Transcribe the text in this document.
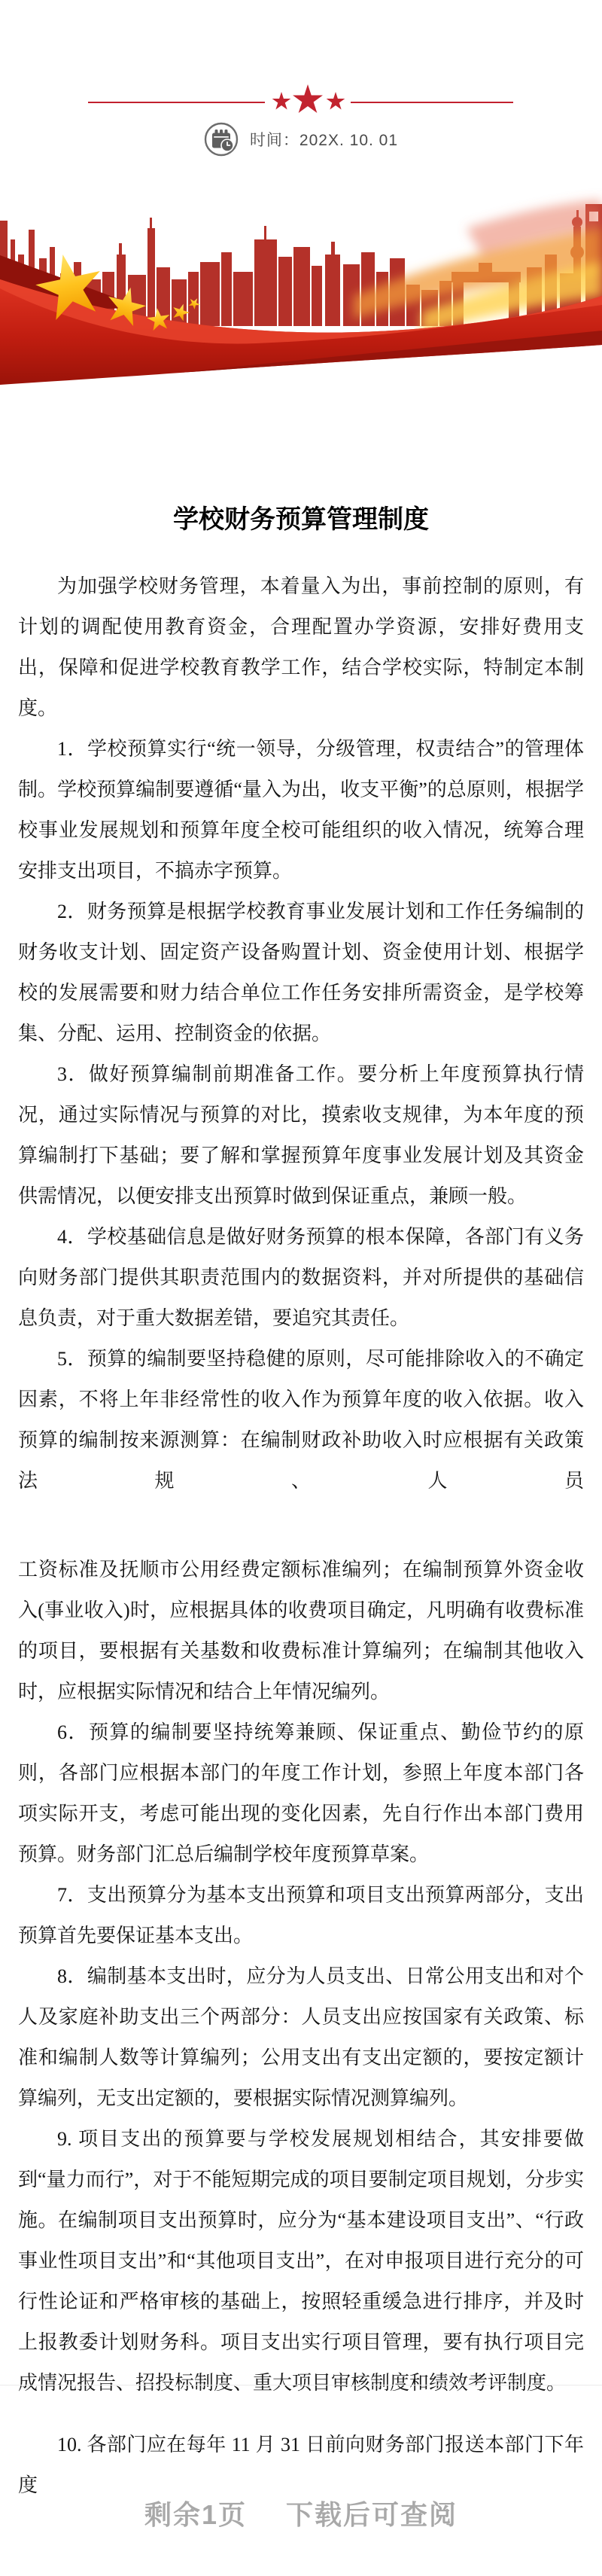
时间：202X. 10. 01
学校财务预算管理制度

为加强学校财务管理，本着量入为出，事前控制的原则，有计划的调配使用教育资金，合理配置办学资源，安排好费用支出，保障和促进学校教育教学工作，结合学校实际，特制定本制度。

1．学校预算实行“统一领导，分级管理，权责结合”的管理体制。学校预算编制要遵循“量入为出，收支平衡”的总原则，根据学校事业发展规划和预算年度全校可能组织的收入情况，统筹合理安排支出项目，不搞赤字预算。

2．财务预算是根据学校教育事业发展计划和工作任务编制的财务收支计划、固定资产设备购置计划、资金使用计划、根据学校的发展需要和财力结合单位工作任务安排所需资金，是学校筹集、分配、运用、控制资金的依据。

3．做好预算编制前期准备工作。要分析上年度预算执行情况，通过实际情况与预算的对比，摸索收支规律，为本年度的预算编制打下基础；要了解和掌握预算年度事业发展计划及其资金供需情况，以便安排支出预算时做到保证重点，兼顾一般。

4．学校基础信息是做好财务预算的根本保障，各部门有义务向财务部门提供其职责范围内的数据资料，并对所提供的基础信息负责，对于重大数据差错，要追究其责任。

5．预算的编制要坚持稳健的原则，尽可能排除收入的不确定因素，不将上年非经常性的收入作为预算年度的收入依据。收入预算的编制按来源测算：在编制财政补助收入时应根据有关政策法规、人员

工资标准及抚顺市公用经费定额标准编列；在编制预算外资金收入(事业收入)时，应根据具体的收费项目确定，凡明确有收费标准的项目，要根据有关基数和收费标准计算编列；在编制其他收入时，应根据实际情况和结合上年情况编列。

6．预算的编制要坚持统筹兼顾、保证重点、勤俭节约的原则，各部门应根据本部门的年度工作计划，参照上年度本部门各项实际开支，考虑可能出现的变化因素，先自行作出本部门费用预算。财务部门汇总后编制学校年度预算草案。

7．支出预算分为基本支出预算和项目支出预算两部分，支出预算首先要保证基本支出。

8．编制基本支出时，应分为人员支出、日常公用支出和对个人及家庭补助支出三个两部分：人员支出应按国家有关政策、标准和编制人数等计算编列；公用支出有支出定额的，要按定额计算编列，无支出定额的，要根据实际情况测算编列。

9. 项目支出的预算要与学校发展规划相结合，其安排要做到“量力而行”，对于不能短期完成的项目要制定项目规划，分步实施。在编制项目支出预算时，应分为“基本建设项目支出”、“行政事业性项目支出”和“其他项目支出”，在对申报项目进行充分的可行性论证和严格审核的基础上，按照轻重缓急进行排序，并及时上报教委计划财务科。项目支出实行项目管理，要有执行项目完成情况报告、招投标制度、重大项目审核制度和绩效考评制度。

10. 各部门应在每年 11 月 31 日前向财务部门报送本部门下年度

剩余1页 下载后可查阅
